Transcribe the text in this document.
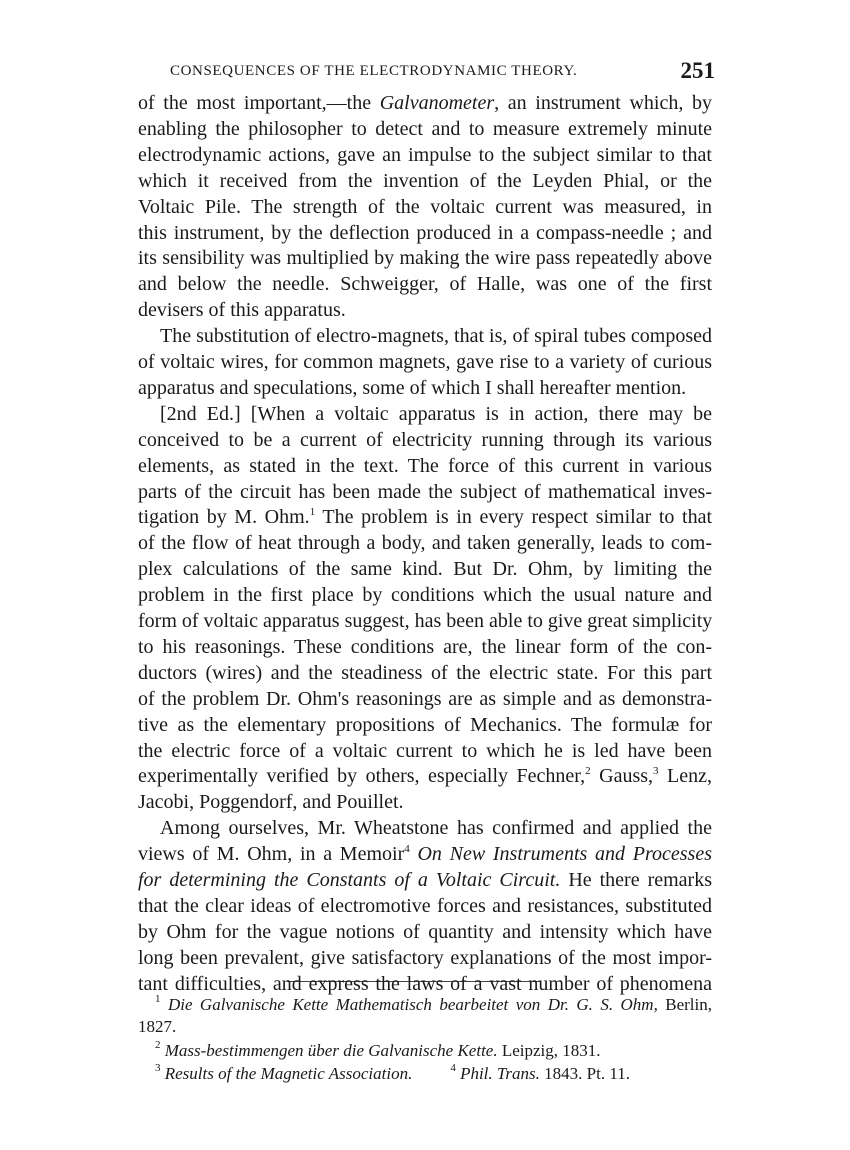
CONSEQUENCES OF THE ELECTRODYNAMIC THEORY.	251
of the most important,—the Galvanometer, an instrument which, by
enabling the philosopher to detect and to measure extremely minute
electrodynamic actions, gave an impulse to the subject similar to that
which it received from the invention of the Leyden Phial, or the
Voltaic Pile. The strength of the voltaic current was measured, in
this instrument, by the deflection produced in a compass-needle ; and
its sensibility was multiplied by making the wire pass repeatedly above
and below the needle. Schweigger, of Halle, was one of the first
devisers of this apparatus.
The substitution of electro-magnets, that is, of spiral tubes composed
of voltaic wires, for common magnets, gave rise to a variety of curious
apparatus and speculations, some of which I shall hereafter mention.
[2nd Ed.] [When a voltaic apparatus is in action, there may be
conceived to be a current of electricity running through its various
elements, as stated in the text. The force of this current in various
parts of the circuit has been made the subject of mathematical inves-
tigation by M. Ohm.$^1$ The problem is in every respect similar to that
of the flow of heat through a body, and taken generally, leads to com-
plex calculations of the same kind. But Dr. Ohm, by limiting the
problem in the first place by conditions which the usual nature and
form of voltaic apparatus suggest, has been able to give great simplicity
to his reasonings. These conditions are, the linear form of the con-
ductors (wires) and the steadiness of the electric state. For this part
of the problem Dr. Ohm's reasonings are as simple and as demonstra-
tive as the elementary propositions of Mechanics. The formulæ for
the electric force of a voltaic current to which he is led have been
experimentally verified by others, especially Fechner,$^2$ Gauss,$^3$ Lenz,
Jacobi, Poggendorf, and Pouillet.
Among ourselves, Mr. Wheatstone has confirmed and applied the
views of M. Ohm, in a Memoir$^4$ On New Instruments and Processes
for determining the Constants of a Voltaic Circuit. He there remarks
that the clear ideas of electromotive forces and resistances, substituted
by Ohm for the vague notions of quantity and intensity which have
$^1$ Die Galvanische Kette Mathematisch bearbeitet von Dr. G. S. Ohm, Berlin,
1827.
$^2$ Mass-bestimmengen über die Galvanische Kette. Leipzig, 1831.
$^3$ Results of the Magnetic Association.	$^4$ Phil. Trans. 1843. Pt. 11.
long been prevalent, give satisfactory explanations of the most impor-
tant difficulties, and express the laws of a vast number of phenomena
